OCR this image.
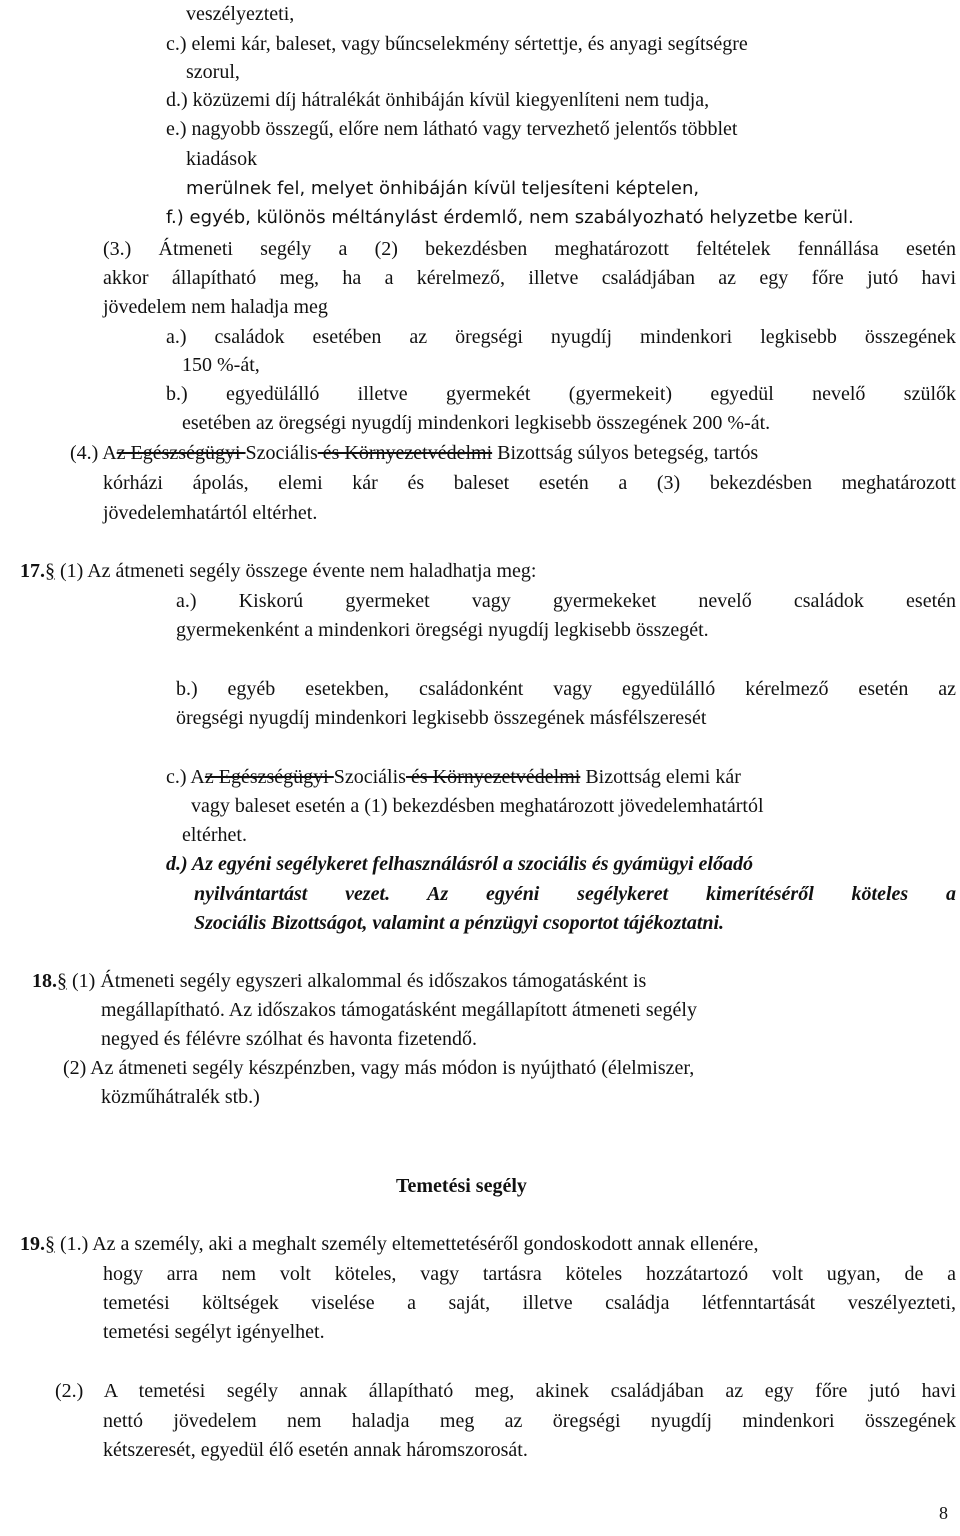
veszélyezteti,
c.) elemi kár, baleset, vagy bűncselekmény sértettje, és anyagi segítségre
szorul,
d.) közüzemi díj hátralékát önhibáján kívül kiegyenlíteni nem tudja,
e.) nagyobb összegű, előre nem látható vagy tervezhető jelentős többlet
kiadások
merülnek fel, melyet önhibáján kívül teljesíteni képtelen,
f.) egyéb, különös méltánylást érdemlő, nem szabályozható helyzetbe kerül.
(3.) Átmeneti segély a (2) bekezdésben meghatározott feltételek fennállása esetén
akkor állapítható meg, ha a kérelmező, illetve családjában az egy főre jutó havi
jövedelem nem haladja meg
a.) családok esetében az öregségi nyugdíj mindenkori legkisebb összegének
150 %-át,
b.) egyedülálló illetve gyermekét (gyermekeit) egyedül nevelő szülők
esetében az öregségi nyugdíj mindenkori legkisebb összegének 200 %-át.
(4.) Az Egészségügyi Szociális és Környezetvédelmi Bizottság súlyos betegség, tartós
kórházi ápolás, elemi kár és baleset esetén a (3) bekezdésben meghatározott
jövedelemhatártól eltérhet.
17.§ (1) Az átmeneti segély összege évente nem haladhatja meg:
a.) Kiskorú gyermeket vagy gyermekeket nevelő családok esetén
gyermekenként a mindenkori öregségi nyugdíj legkisebb összegét.
b.) egyéb esetekben, családonként vagy egyedülálló kérelmező esetén az
öregségi nyugdíj mindenkori legkisebb összegének másfélszeresét
c.) Az Egészségügyi Szociális és Környezetvédelmi Bizottság elemi kár
vagy baleset esetén a (1) bekezdésben meghatározott jövedelemhatártól
eltérhet.
d.) Az egyéni segélykeret felhasználásról a szociális és gyámügyi előadó
nyilvántartást vezet. Az egyéni segélykeret kimerítéséről köteles a
Szociális Bizottságot, valamint a pénzügyi csoportot tájékoztatni.
18.§ (1) Átmeneti segély egyszeri alkalommal és időszakos támogatásként is
megállapítható. Az időszakos támogatásként megállapított átmeneti segély
negyed és félévre szólhat és havonta fizetendő.
(2) Az átmeneti segély készpénzben, vagy más módon is nyújtható (élelmiszer,
közműhátralék stb.)
Temetési segély
19.§ (1.) Az a személy, aki a meghalt személy eltemettetéséről gondoskodott annak ellenére,
hogy arra nem volt köteles, vagy tartásra köteles hozzátartozó volt ugyan, de a
temetési költségek viselése a saját, illetve családja létfenntartását veszélyezteti,
temetési segélyt igényelhet.
(2.) A temetési segély annak állapítható meg, akinek családjában az egy főre jutó havi
nettó jövedelem nem haladja meg az öregségi nyugdíj mindenkori összegének
kétszeresét, egyedül élő esetén annak háromszorosát.
8
